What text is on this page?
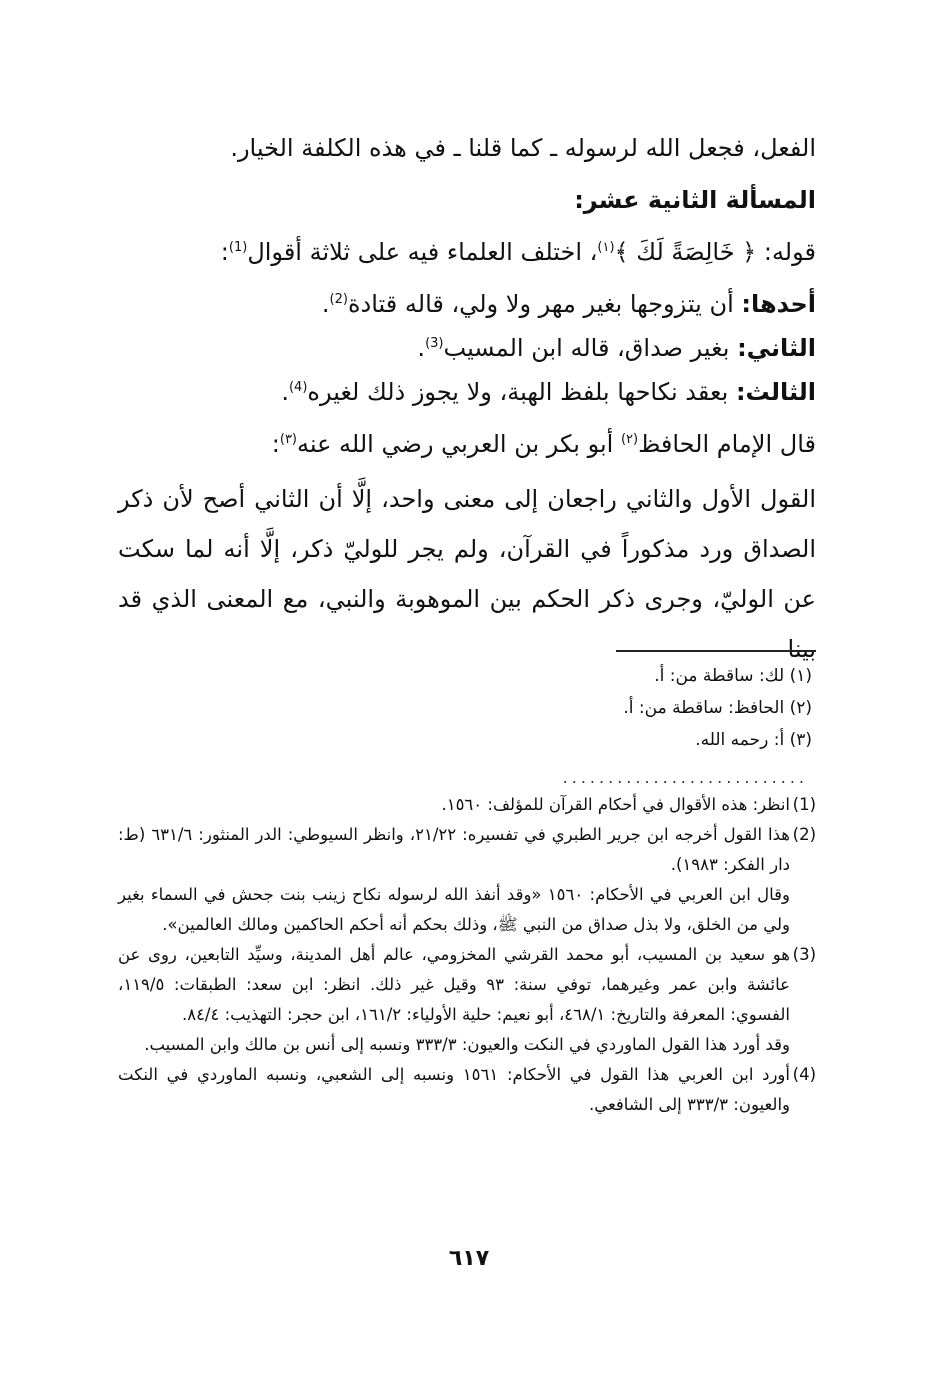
الفعل، فجعل الله لرسوله ـ كما قلنا ـ في هذه الكلفة الخيار.

المسألة الثانية عشر:

قوله: ﴿ خَالِصَةً لَكَ ﴾$^{(١)}$، اختلف العلماء فيه على ثلاثة أقوال$^{(1)}$:

أحدها: أن يتزوجها بغير مهر ولا ولي، قاله قتادة$^{(2)}$.

الثاني: بغير صداق، قاله ابن المسيب$^{(3)}$.

الثالث: بعقد نكاحها بلفظ الهبة، ولا يجوز ذلك لغيره$^{(4)}$.

قال الإمام الحافظ$^{(٢)}$ أبو بكر بن العربي رضي الله عنه$^{(٣)}$:

القول الأول والثاني راجعان إلى معنى واحد، إلَّا أن الثاني أصح لأن ذكر الصداق ورد مذكوراً في القرآن، ولم يجر للوليّ ذكر، إلَّا أنه لما سكت عن الوليّ، وجرى ذكر الحكم بين الموهوبة والنبي، مع المعنى الذي قد بينا

(١) لك: ساقطة من: أ.
(٢) الحافظ: ساقطة من: أ.
(٣) أ: رحمه الله.
...........................
(1)
انظر: هذه الأقوال في أحكام القرآن للمؤلف: ١٥٦٠.
(2)
هذا القول أخرجه ابن جرير الطبري في تفسيره: ٢١/٢٢، وانظر السيوطي: الدر المنثور: ٦٣١/٦ (ط: دار الفكر: ١٩٨٣).
وقال ابن العربي في الأحكام: ١٥٦٠ «وقد أنفذ الله لرسوله نكاح زينب بنت جحش في السماء بغير ولي من الخلق، ولا بذل صداق من النبي ﷺ، وذلك بحكم أنه أحكم الحاكمين ومالك العالمين».
(3)
هو سعيد بن المسيب، أبو محمد القرشي المخزومي، عالم أهل المدينة، وسيِّد التابعين، روى عن عائشة وابن عمر وغيرهما، توفي سنة: ٩٣ وقيل غير ذلك. انظر: ابن سعد: الطبقات: ١١٩/٥، الفسوي: المعرفة والتاريخ: ٤٦٨/١، أبو نعيم: حلية الأولياء: ١٦١/٢، ابن حجر: التهذيب: ٨٤/٤.
وقد أورد هذا القول الماوردي في النكت والعيون: ٣٣٣/٣ ونسبه إلى أنس بن مالك وابن المسيب.
(4)
أورد ابن العربي هذا القول في الأحكام: ١٥٦١ ونسبه إلى الشعبي، ونسبه الماوردي في النكت والعيون: ٣٣٣/٣ إلى الشافعي.
٦١٧
